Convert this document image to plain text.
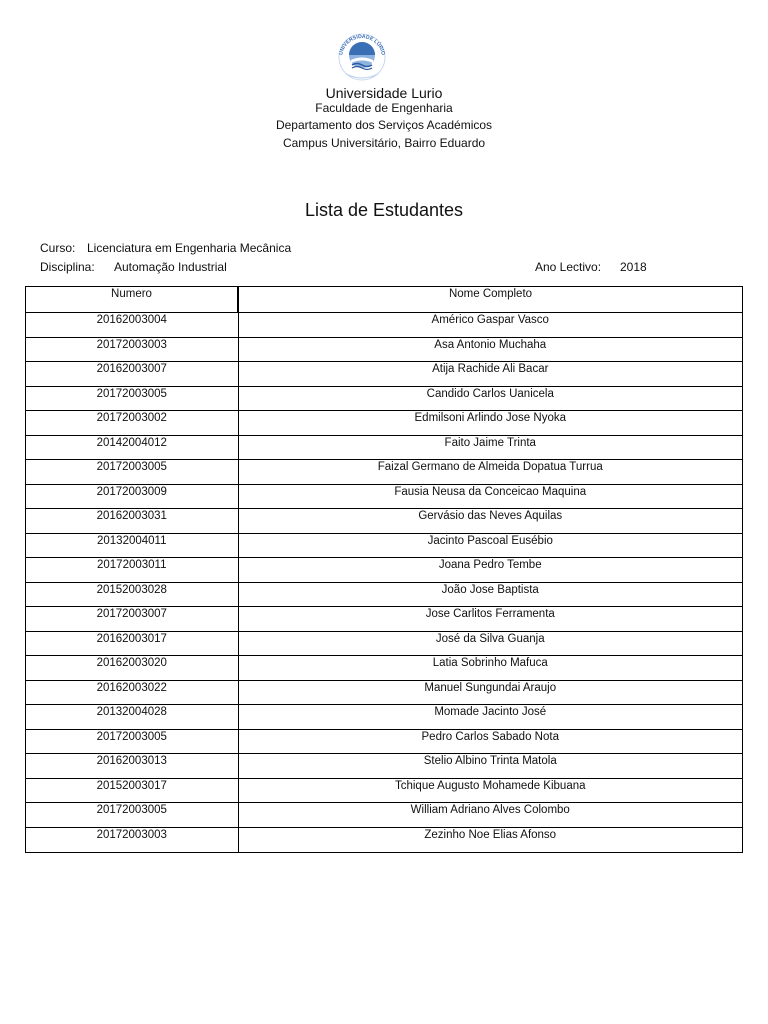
UNIVERSIDADE LÚRIO
Universidade Lurio
Faculdade de Engenharia
Departamento dos Serviços Académicos
Campus Universitário, Bairro Eduardo
Lista de Estudantes
Curso: Licenciatura em Engenharia Mecânica
Disciplina: Automação Industrial	Ano Lectivo: 2018
Numero	Nome Completo
20162003004	Américo Gaspar Vasco
20172003003	Asa Antonio Muchaha
20162003007	Atija Rachide Ali Bacar
20172003005	Candido Carlos Uanicela
20172003002	Edmilsoni Arlindo Jose Nyoka
20142004012	Faito Jaime Trinta
20172003005	Faizal Germano de Almeida Dopatua Turrua
20172003009	Fausia Neusa da Conceicao Maquina
20162003031	Gervásio das Neves Aquilas
20132004011	Jacinto Pascoal Eusébio
20172003011	Joana Pedro Tembe
20152003028	João Jose Baptista
20172003007	Jose Carlitos Ferramenta
20162003017	José da Silva Guanja
20162003020	Latia Sobrinho Mafuca
20162003022	Manuel Sungundai Araujo
20132004028	Momade Jacinto José
20172003005	Pedro Carlos Sabado Nota
20162003013	Stelio Albino Trinta Matola
20152003017	Tchique Augusto Mohamede Kibuana
20172003005	William Adriano Alves Colombo
20172003003	Zezinho Noe Elias Afonso
